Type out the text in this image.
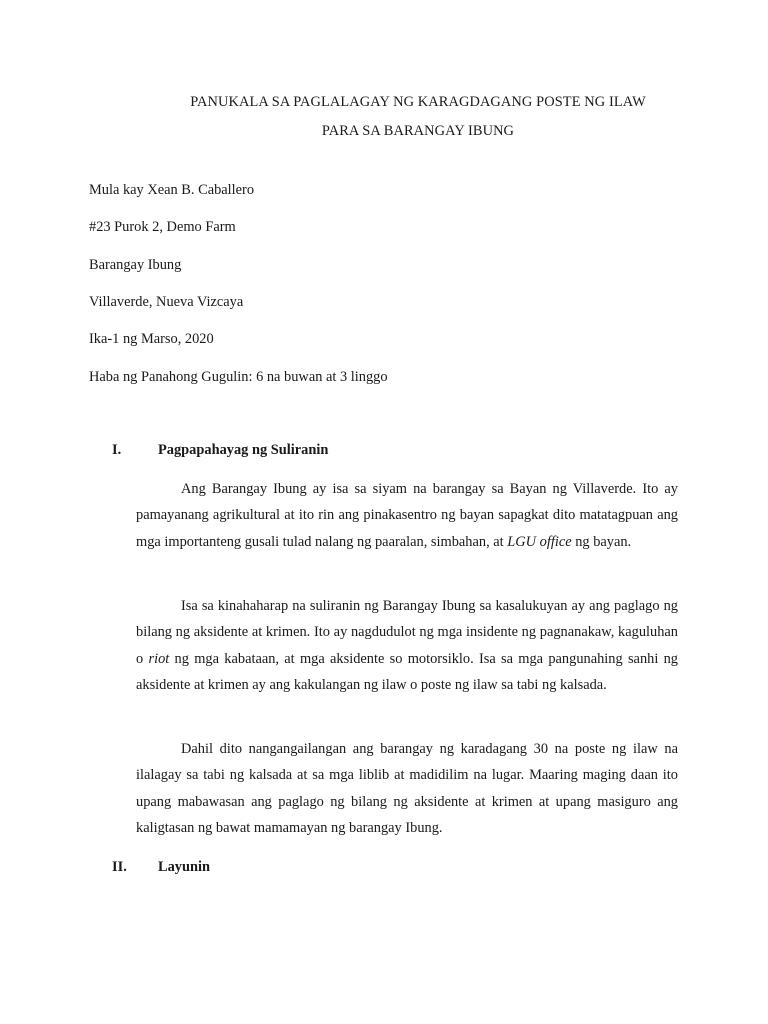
PANUKALA SA PAGLALAGAY NG KARAGDAGANG POSTE NG ILAW
PARA SA BARANGAY IBUNG
Mula kay Xean B. Caballero
#23 Purok 2, Demo Farm
Barangay Ibung
Villaverde, Nueva Vizcaya
Ika-1 ng Marso, 2020
Haba ng Panahong Gugulin: 6 na buwan at 3 linggo
I.	Pagpapahayag ng Suliranin
Ang Barangay Ibung ay isa sa siyam na barangay sa Bayan ng Villaverde. Ito ay pamayanang agrikultural at ito rin ang pinakasentro ng bayan sapagkat dito matatagpuan ang mga importanteng gusali tulad nalang ng paaralan, simbahan, at LGU office ng bayan.
Isa sa kinahaharap na suliranin ng Barangay Ibung sa kasalukuyan ay ang paglago ng bilang ng aksidente at krimen. Ito ay nagdudulot ng mga insidente ng pagnanakaw, kaguluhan o riot ng mga kabataan, at mga aksidente so motorsiklo. Isa sa mga pangunahing sanhi ng aksidente at krimen ay ang kakulangan ng ilaw o poste ng ilaw sa tabi ng kalsada.
Dahil dito nangangailangan ang barangay ng karadagang 30 na poste ng ilaw na ilalagay sa tabi ng kalsada at sa mga liblib at madidilim na lugar. Maaring maging daan ito upang mabawasan ang paglago ng bilang ng aksidente at krimen at upang masiguro ang kaligtasan ng bawat mamamayan ng barangay Ibung.
II. Layunin
